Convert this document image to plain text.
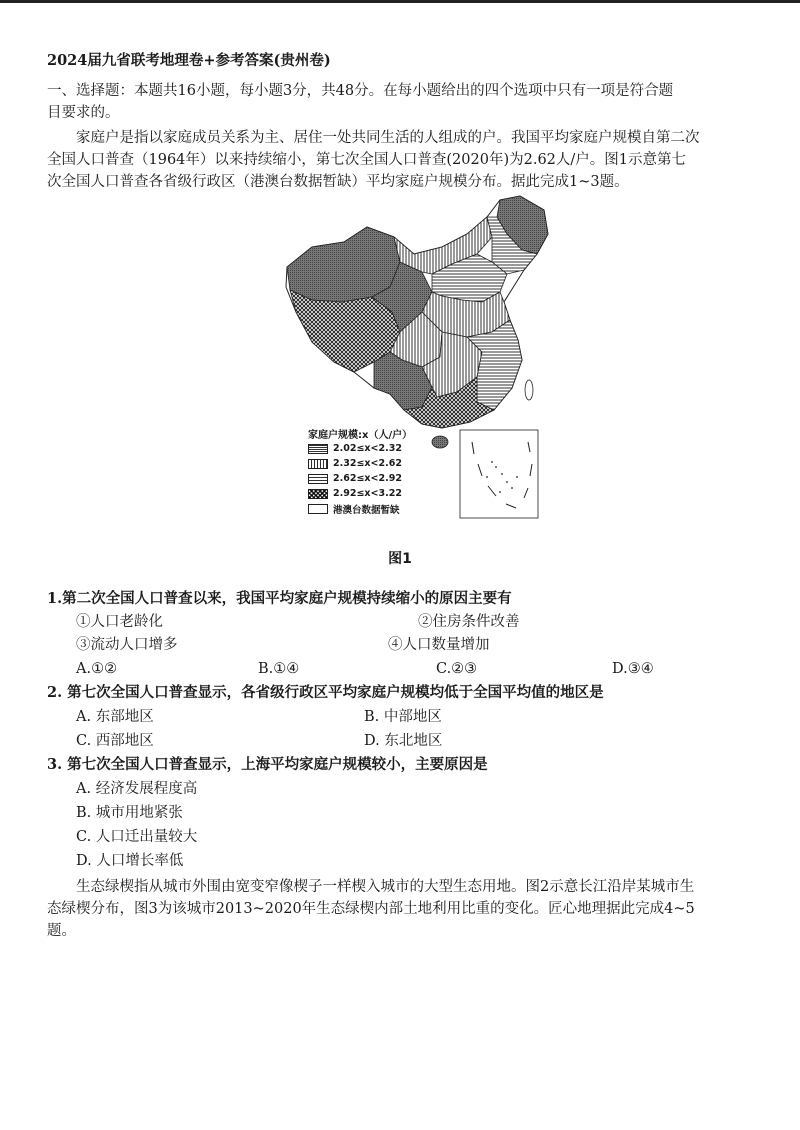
2024届九省联考地理卷+参考答案(贵州卷)
一、选择题：本题共16小题，每小题3分，共48分。在每小题给出的四个选项中只有一项是符合题
目要求的。
家庭户是指以家庭成员关系为主、居住一处共同生活的人组成的户。我国平均家庭户规模自第二次
全国人口普查（1964年）以来持续缩小，第七次全国人口普查(2020年)为2.62人/户。图1示意第七
次全国人口普查各省级行政区（港澳台数据暂缺）平均家庭户规模分布。据此完成1~3题。
家庭户规模:x（人/户）
2.02≤x<2.32
2.32≤x<2.62
2.62≤x<2.92
2.92≤x<3.22
港澳台数据暂缺
图1
1.第二次全国人口普查以来，我国平均家庭户规模持续缩小的原因主要有
①人口老龄化	②住房条件改善
③流动人口增多	④人口数量增加
A.①②	B.①④	C.②③	D.③④
2. 第七次全国人口普查显示，各省级行政区平均家庭户规模均低于全国平均值的地区是
A. 东部地区	B. 中部地区
C. 西部地区	D. 东北地区
3. 第七次全国人口普查显示，上海平均家庭户规模较小，主要原因是
A. 经济发展程度高
B. 城市用地紧张
C. 人口迁出量较大
D. 人口增长率低
生态绿楔指从城市外围由宽变窄像楔子一样楔入城市的大型生态用地。图2示意长江沿岸某城市生
态绿楔分布，图3为该城市2013~2020年生态绿楔内部土地利用比重的变化。匠心地理据此完成4~5
题。
